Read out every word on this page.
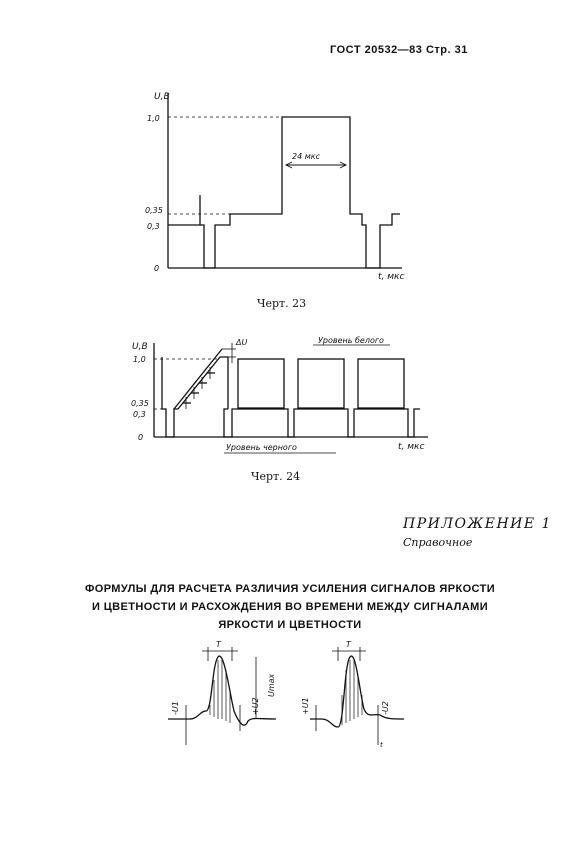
ГОСТ 20532—83 Стр. 31
U,В
1,0
0,35
0,3
0
24 мкс
t, мкс
Черт. 23
U,В
1,0
0,35
0,3
0
ΔU	Уровень белого
Уровень черного	t, мкс
Черт. 24
ПРИЛОЖЕНИЕ 1
Справочное
ФОРМУЛЫ ДЛЯ РАСЧЕТА РАЗЛИЧИЯ УСИЛЕНИЯ СИГНАЛОВ ЯРКОСТИ
И ЦВЕТНОСТИ И РАСХОЖДЕНИЯ ВО ВРЕМЕНИ МЕЖДУ СИГНАЛАМИ
ЯРКОСТИ И ЦВЕТНОСТИ
T
-U1	+U2
Umax
T
+U1	-U2
t
